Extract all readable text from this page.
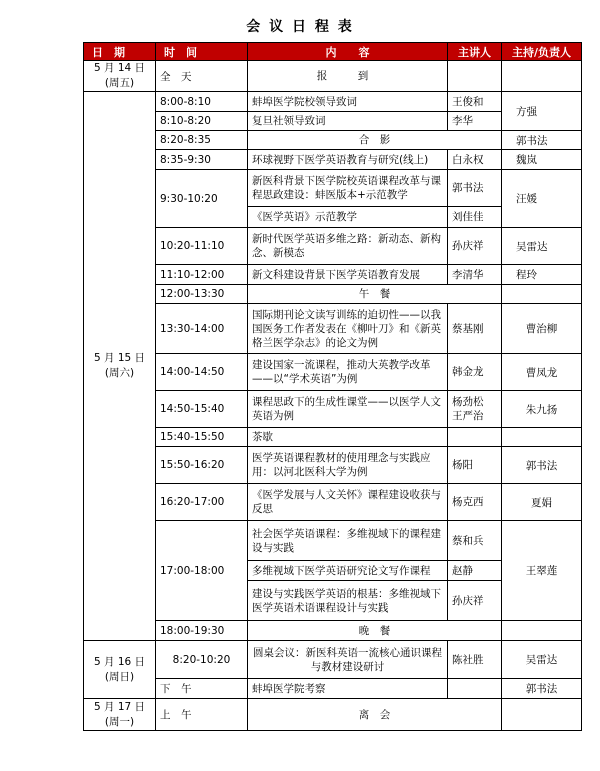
会 议 日 程 表
日　期	时　间	内　　容	主讲人	主持/负责人
5 月 14 日
(周五)	全　天	报　到		
5 月 15 日
(周六)	8:00-8:10	蚌埠医学院校领导致词	王俊和	方强
	8:10-8:20	复旦社领导致词	李华	
	8:20-8:35	合　影		郭书法
	8:35-9:30	环球视野下医学英语教育与研究(线上)	白永权	魏岚
	9:30-10:20	新医科背景下医学院校英语课程改革与课程思政建设：蚌医版本+示范教学	郭书法	汪媛
		《医学英语》示范教学	刘佳佳	
	10:20-11:10	新时代医学英语多维之路：新动态、新构念、新模态	孙庆祥	吴雷达
	11:10-12:00	新文科建设背景下医学英语教育发展	李清华	程玲
	12:00-13:30	午　餐		
	13:30-14:00	国际期刊论文读写训练的迫切性——以我国医务工作者发表在《柳叶刀》和《新英格兰医学杂志》的论文为例	蔡基刚	曹治柳
	14:00-14:50	建设国家一流课程，推动大英教学改革——以“学术英语”为例	韩金龙	曹凤龙
	14:50-15:40	课程思政下的生成性课堂——以医学人文英语为例	杨劲松 王严治	朱九扬
	15:40-15:50	茶歇		
	15:50-16:20	医学英语课程教材的使用理念与实践应用：以河北医科大学为例	杨阳	郭书法
	16:20-17:00	《医学发展与人文关怀》课程建设收获与反思	杨克西	夏娟
	17:00-18:00	社会医学英语课程：多维视域下的课程建设与实践	蔡和兵	王翠莲
		多维视域下医学英语研究论文写作课程	赵静	
		建设与实践医学英语的根基：多维视域下医学英语术语课程设计与实践	孙庆祥	
	18:00-19:30	晚　餐		
5 月 16 日
(周日)	8:20-10:20	圆桌会议：新医科英语一流核心通识课程与教材建设研讨	陈社胜	吴雷达
	下　午	蚌埠医学院考察		郭书法
5 月 17 日
(周一)	上　午	离　会		
